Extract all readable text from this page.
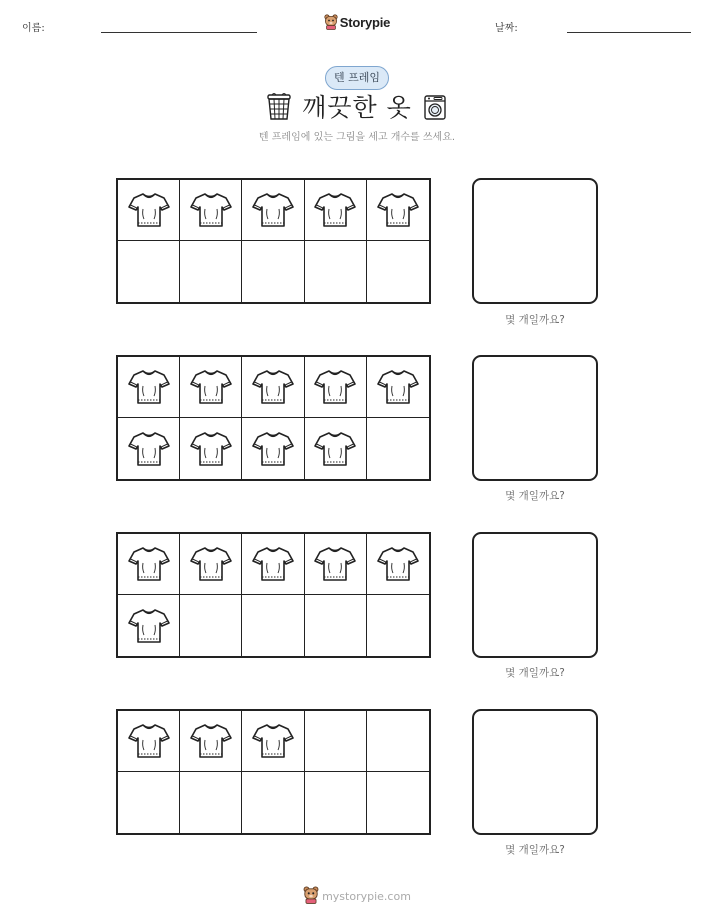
이름:	Storypie	날짜:
텐 프레임
깨끗한 옷
텐 프레임에 있는 그림을 세고 개수를 쓰세요.
몇 개일까요?
몇 개일까요?
몇 개일까요?
몇 개일까요?
mystorypie.com
